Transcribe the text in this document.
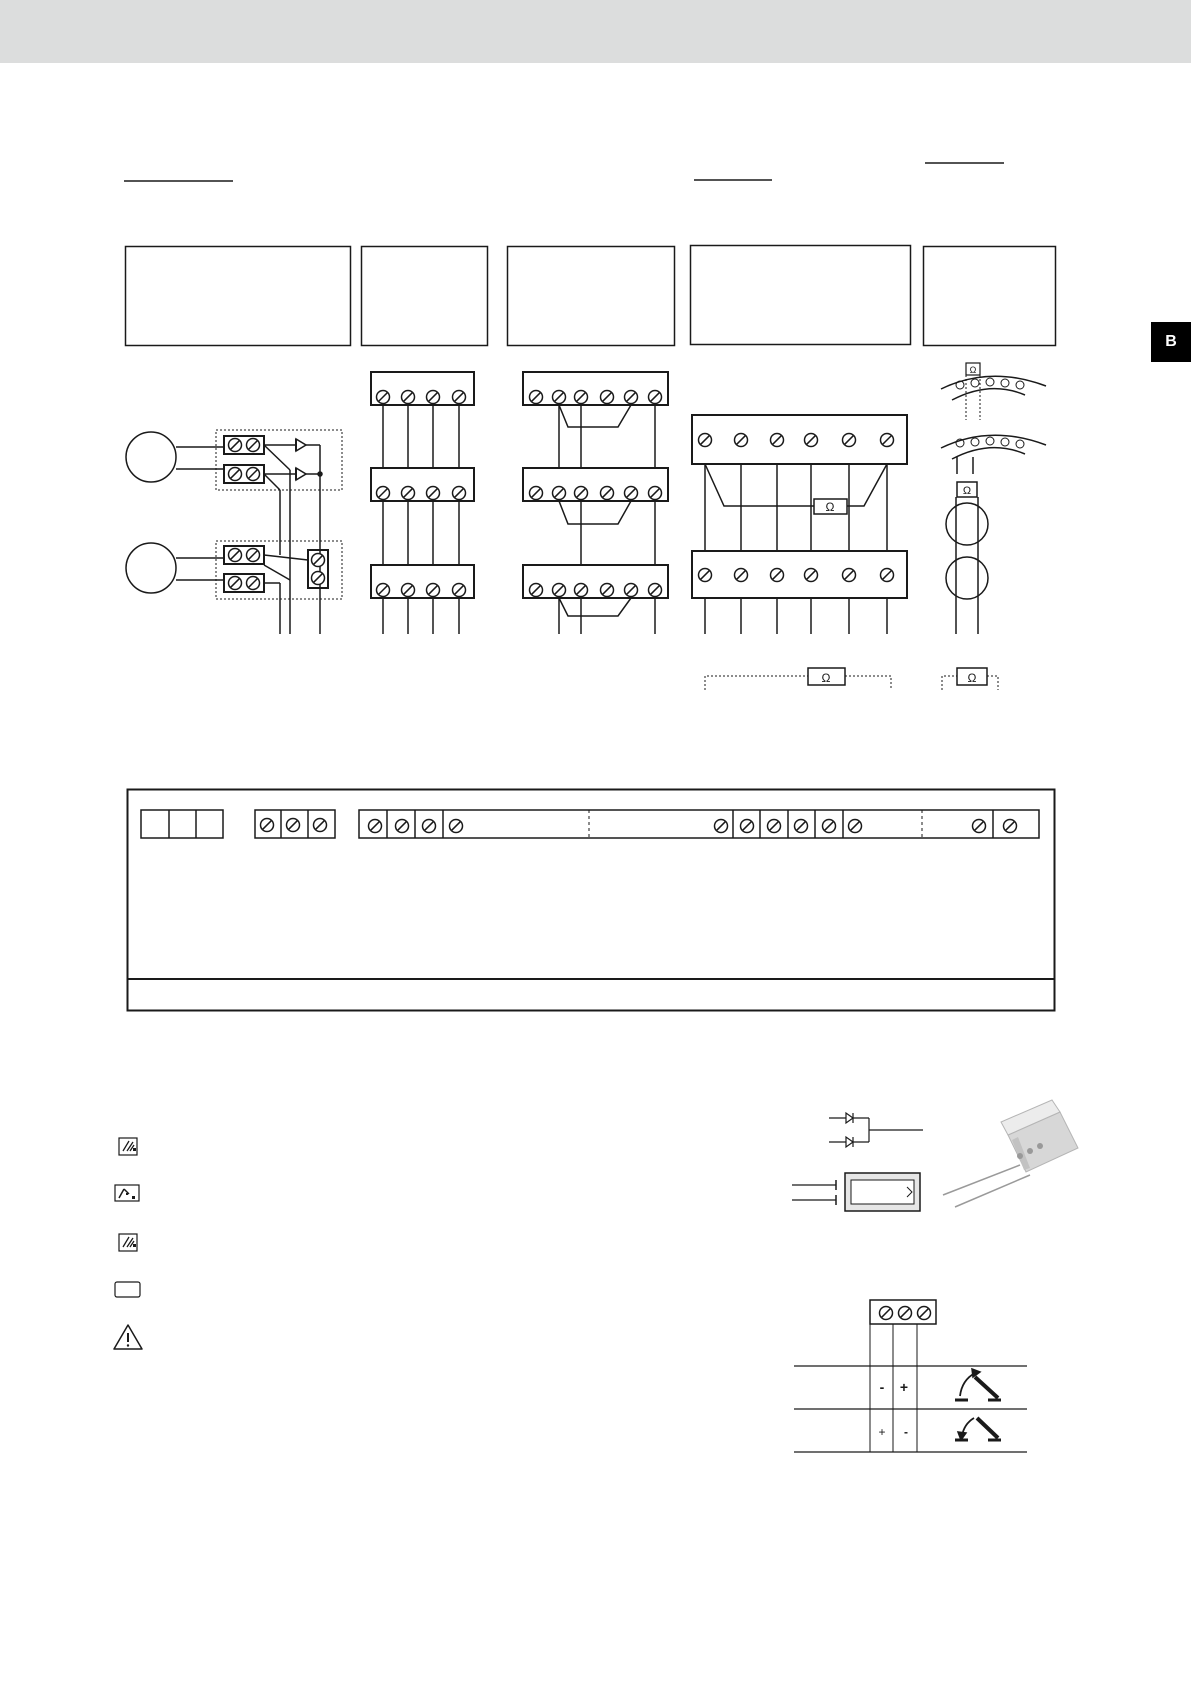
B
Ω
Ω
Ω
Ω
Ω
- +
+ -
